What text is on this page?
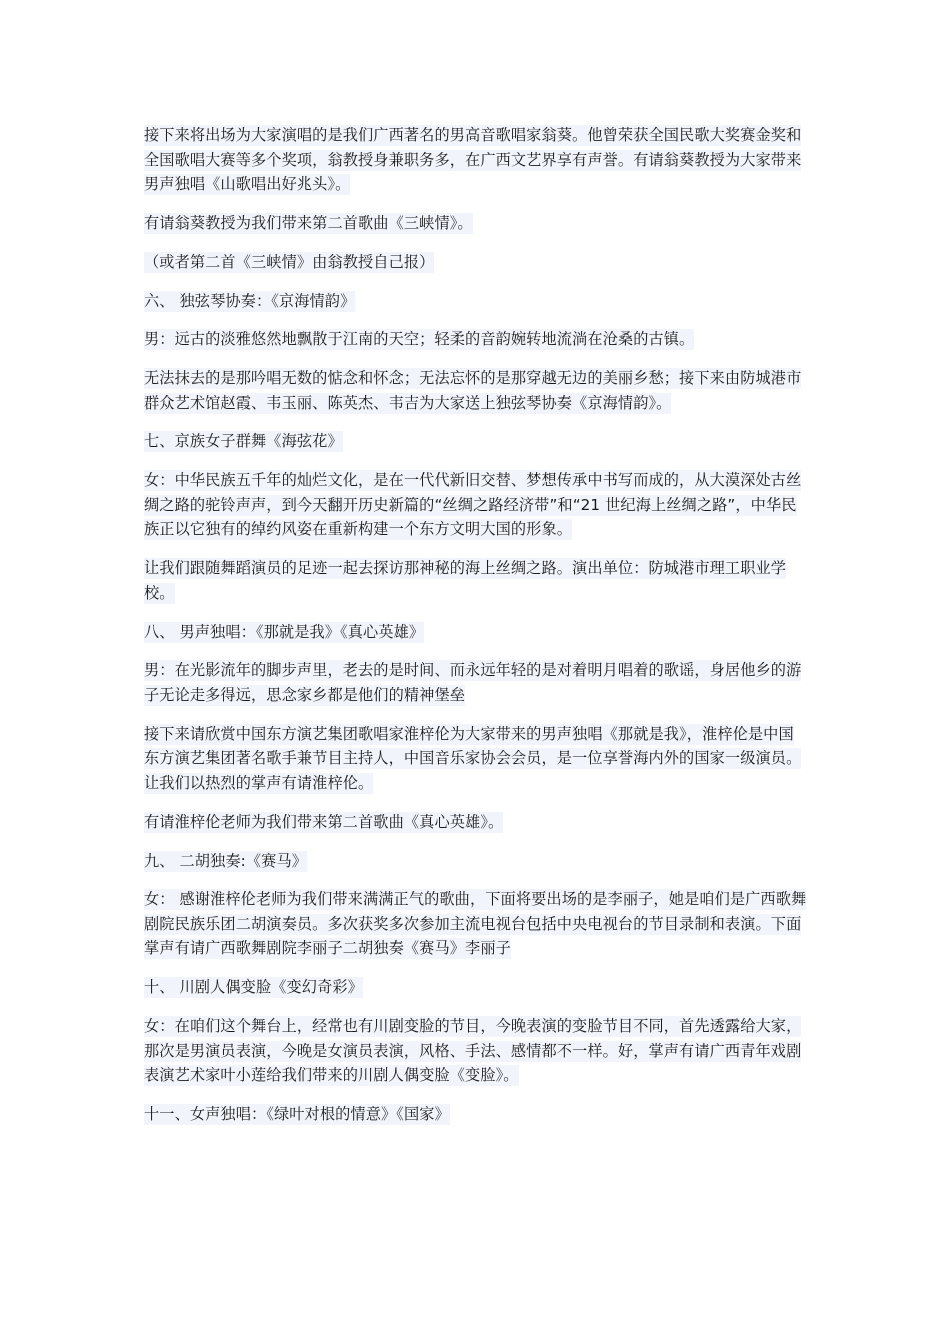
接下来将出场为大家演唱的是我们广西著名的男高音歌唱家翁葵。他曾荣获全国民歌大奖赛金奖和全国歌唱大赛等多个奖项，翁教授身兼职务多，在广西文艺界享有声誉。有请翁葵教授为大家带来男声独唱《山歌唱出好兆头》。

有请翁葵教授为我们带来第二首歌曲《三峡情》。

（或者第二首《三峡情》由翁教授自己报）

六、 独弦琴协奏：《京海情韵》

男：远古的淡雅悠然地飘散于江南的天空；轻柔的音韵婉转地流淌在沧桑的古镇。

无法抹去的是那吟唱无数的惦念和怀念；无法忘怀的是那穿越无边的美丽乡愁；接下来由防城港市群众艺术馆赵霞、韦玉丽、陈英杰、韦吉为大家送上独弦琴协奏《京海情韵》。

七、京族女子群舞《海弦花》

女：中华民族五千年的灿烂文化，是在一代代新旧交替、梦想传承中书写而成的，从大漠深处古丝绸之路的驼铃声声，到今天翻开历史新篇的“丝绸之路经济带”和“21 世纪海上丝绸之路”，中华民族正以它独有的绰约风姿在重新构建一个东方文明大国的形象。

让我们跟随舞蹈演员的足迹一起去探访那神秘的海上丝绸之路。演出单位：防城港市理工职业学校。

八、 男声独唱：《那就是我》《真心英雄》

男：在光影流年的脚步声里，老去的是时间、而永远年轻的是对着明月唱着的歌谣，身居他乡的游子无论走多得远，思念家乡都是他们的精神堡垒

接下来请欣赏中国东方演艺集团歌唱家淮梓伦为大家带来的男声独唱《那就是我》，淮梓伦是中国东方演艺集团著名歌手兼节目主持人，中国音乐家协会会员，是一位享誉海内外的国家一级演员。让我们以热烈的掌声有请淮梓伦。

有请淮梓伦老师为我们带来第二首歌曲《真心英雄》。

九、 二胡独奏:《赛马》

女： 感谢淮梓伦老师为我们带来满满正气的歌曲，下面将要出场的是李丽子，她是咱们是广西歌舞剧院民族乐团二胡演奏员。多次获奖多次参加主流电视台包括中央电视台的节目录制和表演。下面掌声有请广西歌舞剧院李丽子二胡独奏《赛马》李丽子

十、 川剧人偶变脸《变幻奇彩》

女：在咱们这个舞台上，经常也有川剧变脸的节目，今晚表演的变脸节目不同，首先透露给大家，那次是男演员表演，今晚是女演员表演，风格、手法、感情都不一样。好，掌声有请广西青年戏剧表演艺术家叶小莲给我们带来的川剧人偶变脸《变脸》。

十一、女声独唱：《绿叶对根的情意》《国家》
